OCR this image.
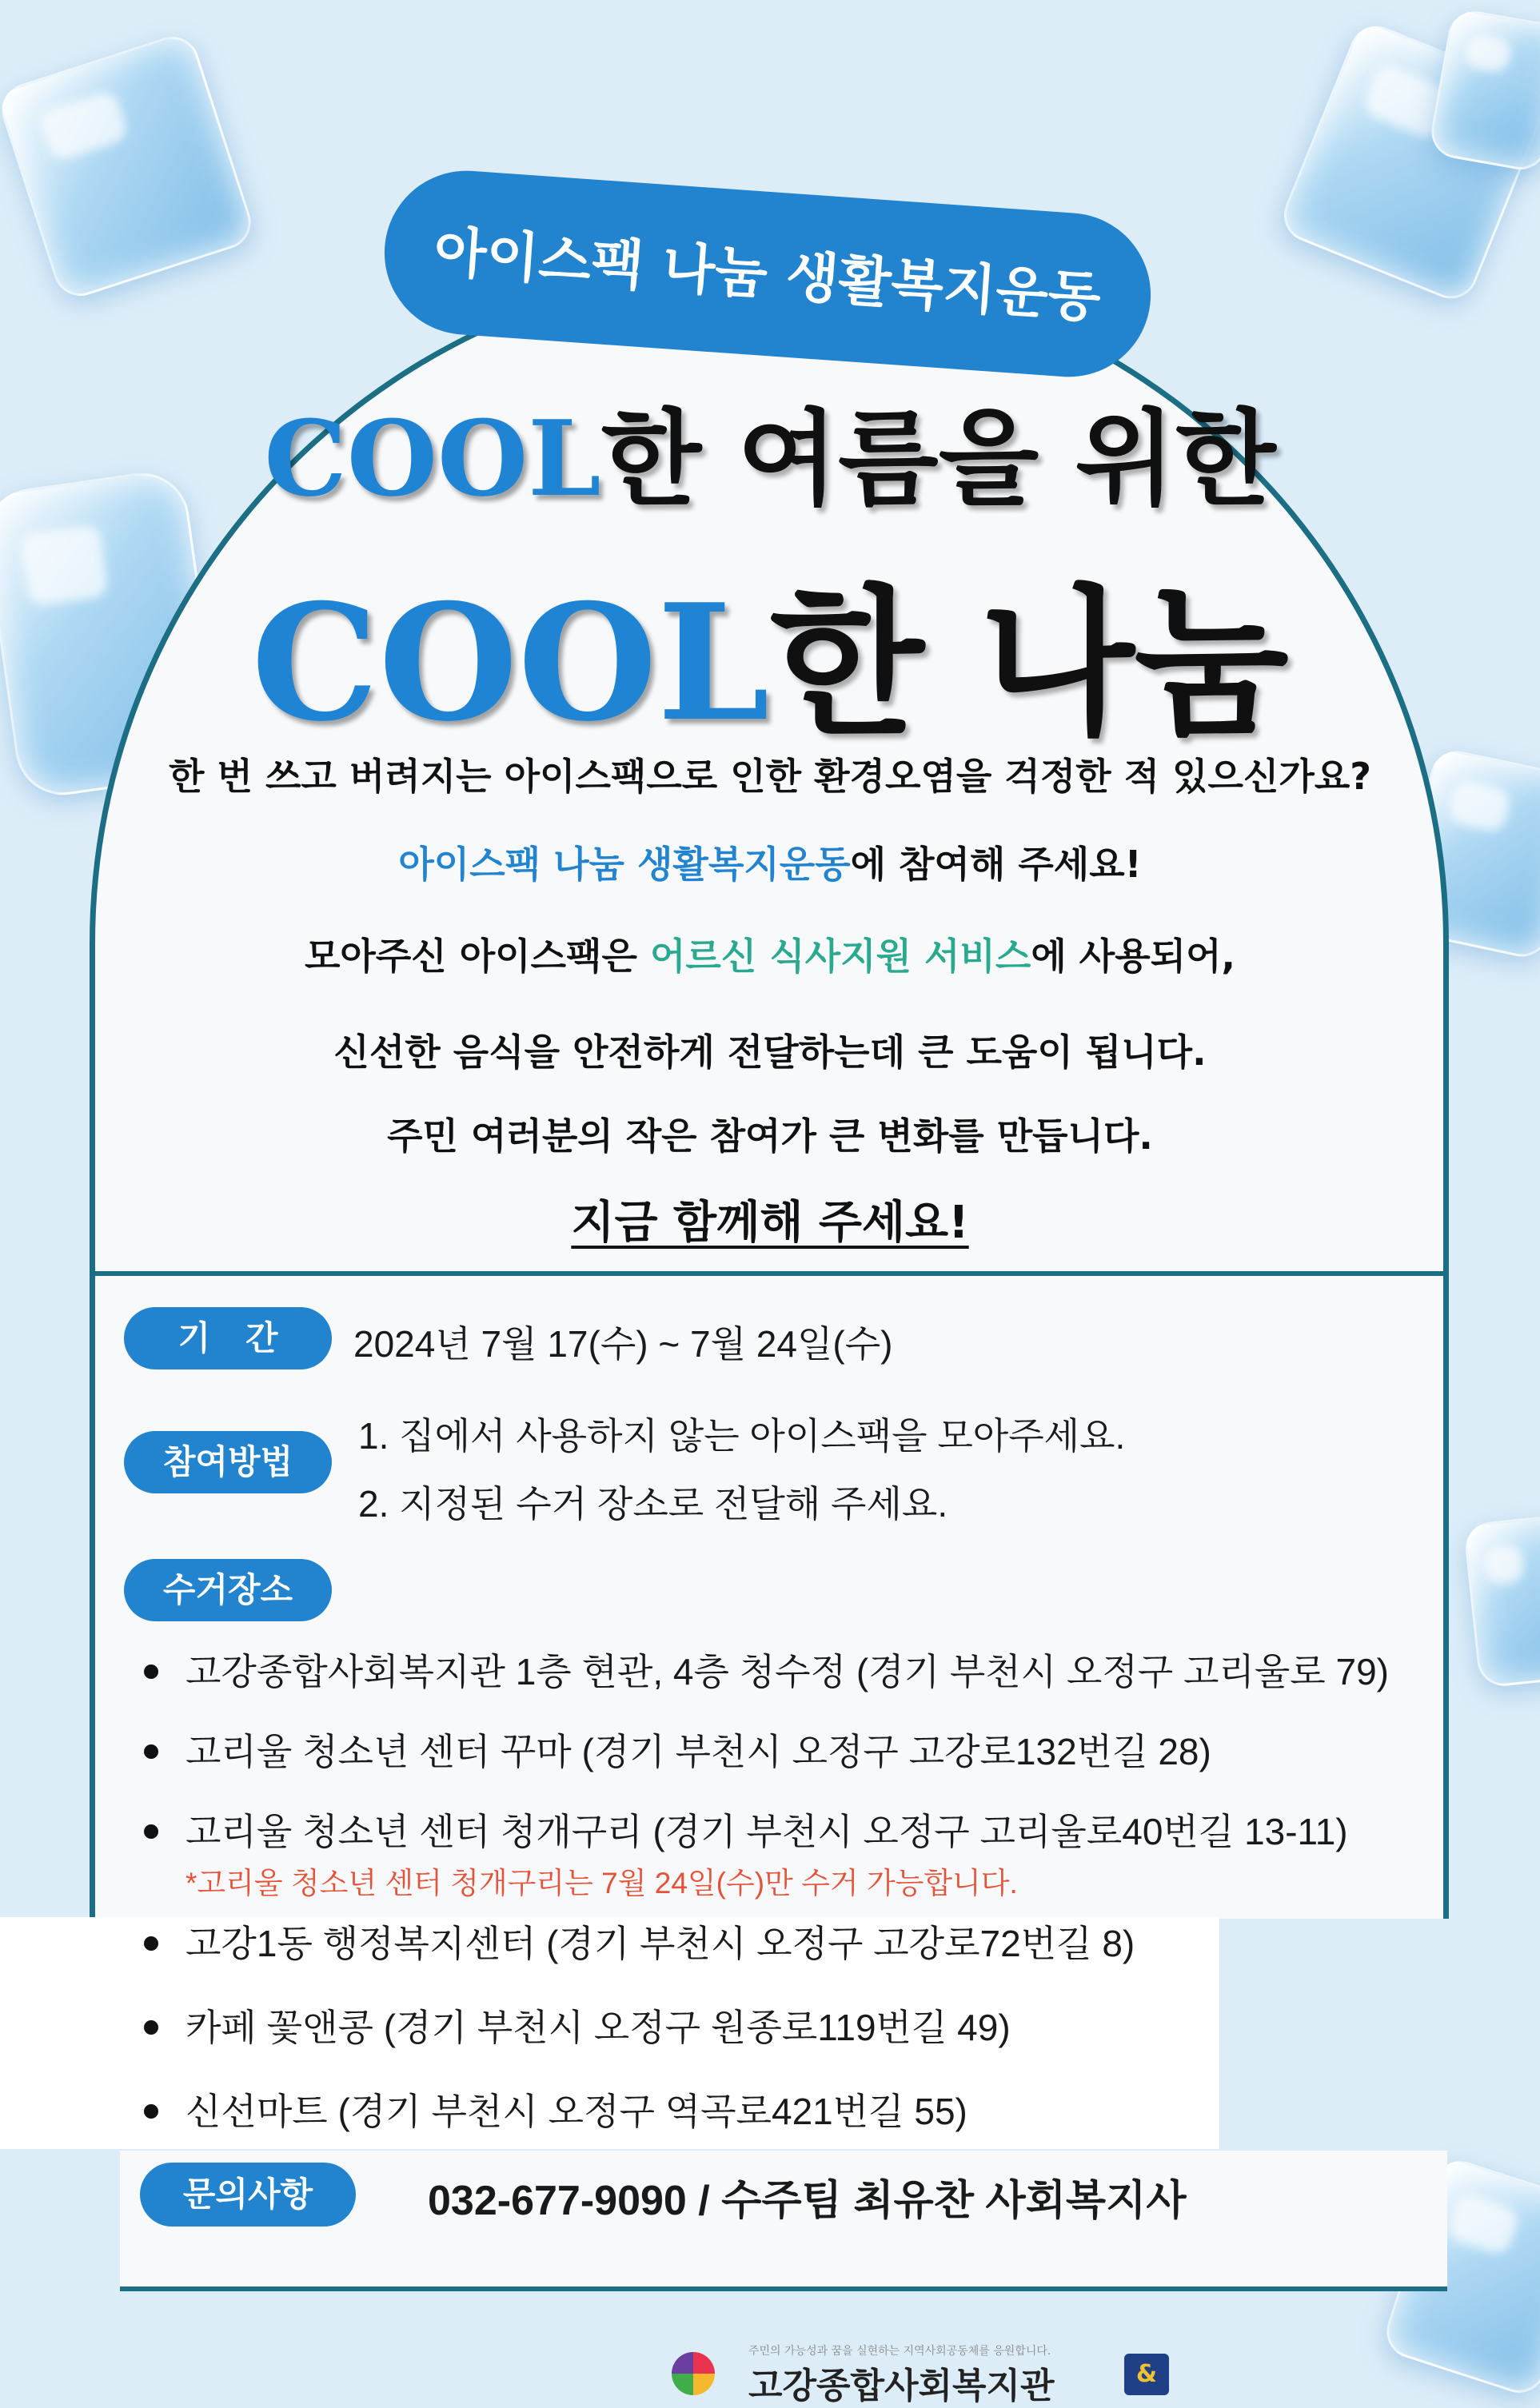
아이스팩 나눔 생활복지운동
COOL한 여름을 위한
COOL한 나눔
한 번 쓰고 버려지는 아이스팩으로 인한 환경오염을 걱정한 적 있으신가요?
아이스팩 나눔 생활복지운동에 참여해 주세요!
모아주신 아이스팩은 어르신 식사지원 서비스에 사용되어,
신선한 음식을 안전하게 전달하는데 큰 도움이 됩니다.
주민 여러분의 작은 참여가 큰 변화를 만듭니다.
지금 함께해 주세요!
기   간	2024년 7월 17(수) ~ 7월 24일(수)
참여방법
1. 집에서 사용하지 않는 아이스팩을 모아주세요.
2. 지정된 수거 장소로 전달해 주세요.
수거장소
고강종합사회복지관 1층 현관, 4층 청수정 (경기 부천시 오정구 고리울로 79)
고리울 청소년 센터 꾸마 (경기 부천시 오정구 고강로132번길 28)
고리울 청소년 센터 청개구리 (경기 부천시 오정구 고리울로40번길 13-11)
*고리울 청소년 센터 청개구리는 7월 24일(수)만 수거 가능합니다.
고강1동 행정복지센터 (경기 부천시 오정구 고강로72번길 8)
카페 꽃앤콩 (경기 부천시 오정구 원종로119번길 49)
신선마트 (경기 부천시 오정구 역곡로421번길 55)
문의사항	032-677-9090 / 수주팀 최유찬 사회복지사
주민의 가능성과 꿈을 실현하는 지역사회공동체를 응원합니다.
고강종합사회복지관	&
